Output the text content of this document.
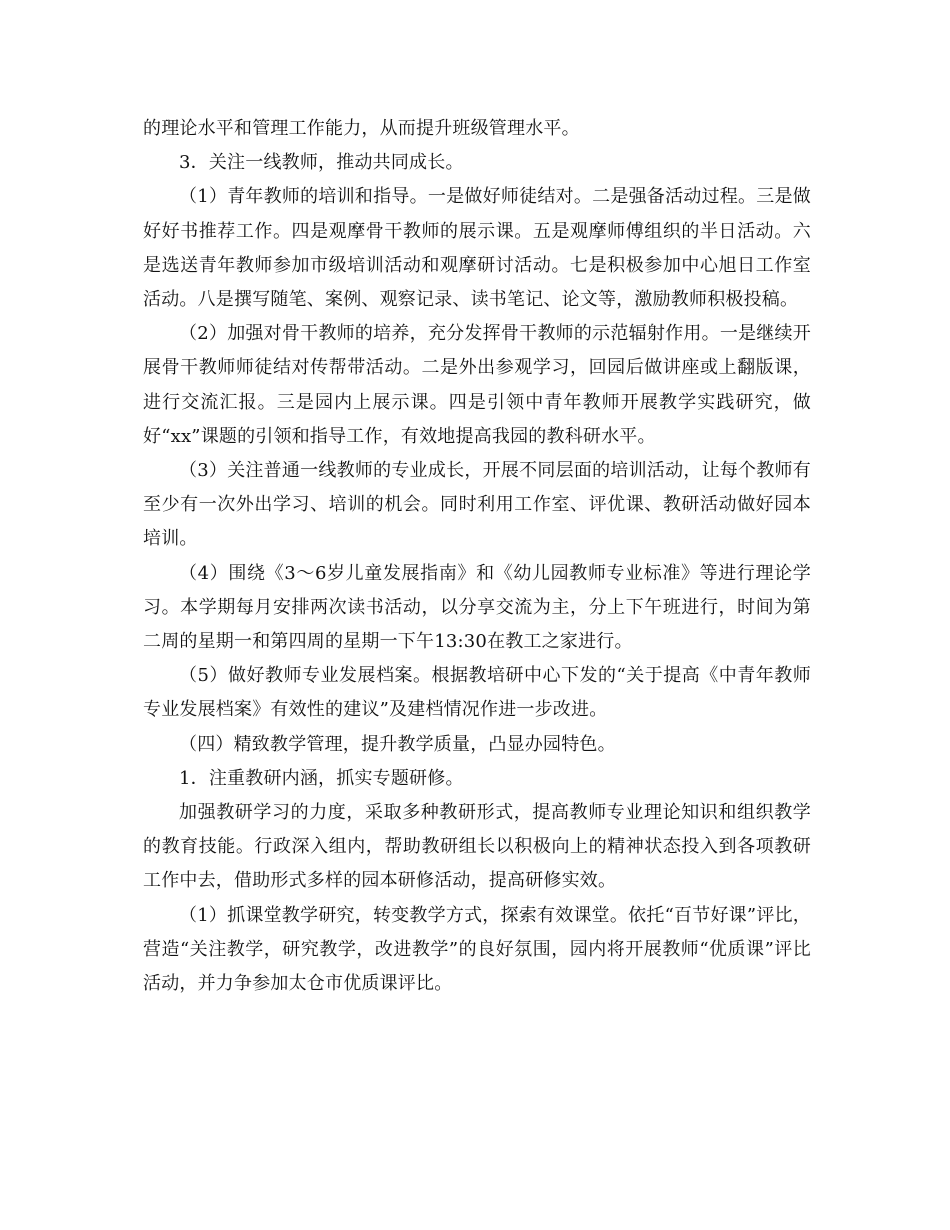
的理论水平和管理工作能力，从而提升班级管理水平。

3．关注一线教师，推动共同成长。

（1）青年教师的培训和指导。一是做好师徒结对。二是强备活动过程。三是做好好书推荐工作。四是观摩骨干教师的展示课。五是观摩师傅组织的半日活动。六是选送青年教师参加市级培训活动和观摩研讨活动。七是积极参加中心旭日工作室活动。八是撰写随笔、案例、观察记录、读书笔记、论文等，激励教师积极投稿。

（2）加强对骨干教师的培养，充分发挥骨干教师的示范辐射作用。一是继续开展骨干教师师徒结对传帮带活动。二是外出参观学习，回园后做讲座或上翻版课，进行交流汇报。三是园内上展示课。四是引领中青年教师开展教学实践研究，做好“xx”课题的引领和指导工作，有效地提高我园的教科研水平。

（3）关注普通一线教师的专业成长，开展不同层面的培训活动，让每个教师有至少有一次外出学习、培训的机会。同时利用工作室、评优课、教研活动做好园本培训。

（4）围绕《3～6岁儿童发展指南》和《幼儿园教师专业标准》等进行理论学习。本学期每月安排两次读书活动，以分享交流为主，分上下午班进行，时间为第二周的星期一和第四周的星期一下午13:30在教工之家进行。

（5）做好教师专业发展档案。根据教培研中心下发的“关于提高《中青年教师专业发展档案》有效性的建议”及建档情况作进一步改进。

（四）精致教学管理，提升教学质量，凸显办园特色。

1．注重教研内涵，抓实专题研修。

加强教研学习的力度，采取多种教研形式，提高教师专业理论知识和组织教学的教育技能。行政深入组内，帮助教研组长以积极向上的精神状态投入到各项教研工作中去，借助形式多样的园本研修活动，提高研修实效。

（1）抓课堂教学研究，转变教学方式，探索有效课堂。依托“百节好课”评比，营造“关注教学，研究教学，改进教学”的良好氛围，园内将开展教师“优质课”评比活动，并力争参加太仓市优质课评比。
